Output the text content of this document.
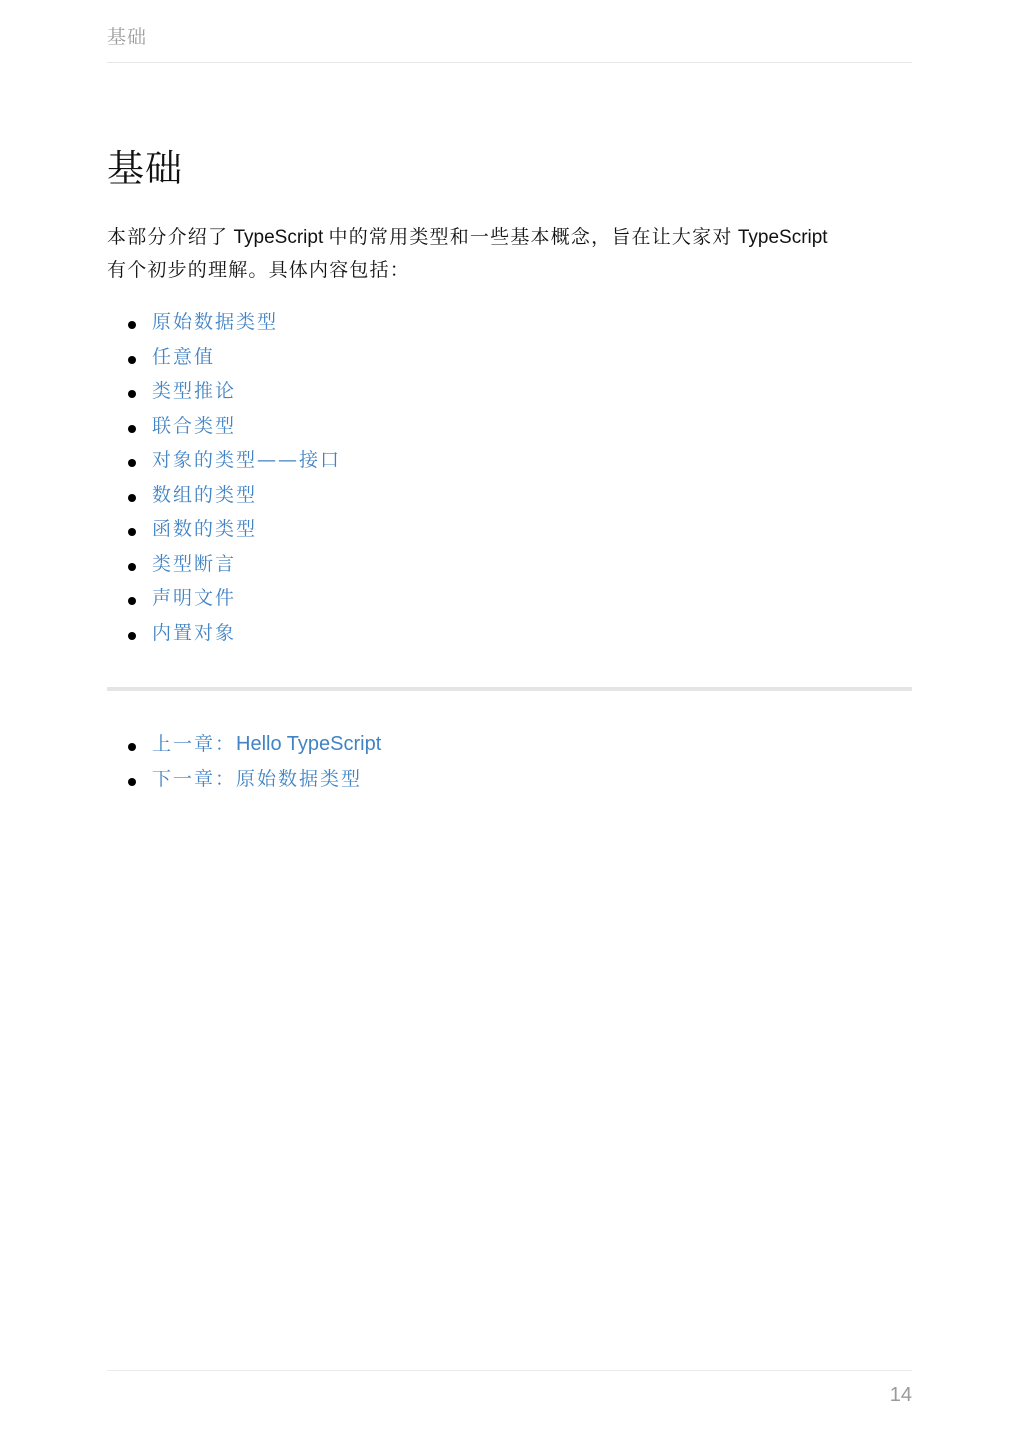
基础
基础

本部分介绍了 TypeScript 中的常用类型和一些基本概念，旨在让大家对 TypeScript
有个初步的理解。具体内容包括：

原始数据类型
任意值
类型推论
联合类型
对象的类型——接口
数组的类型
函数的类型
类型断言
声明文件
内置对象
上一章：Hello TypeScript
下一章：原始数据类型
14
